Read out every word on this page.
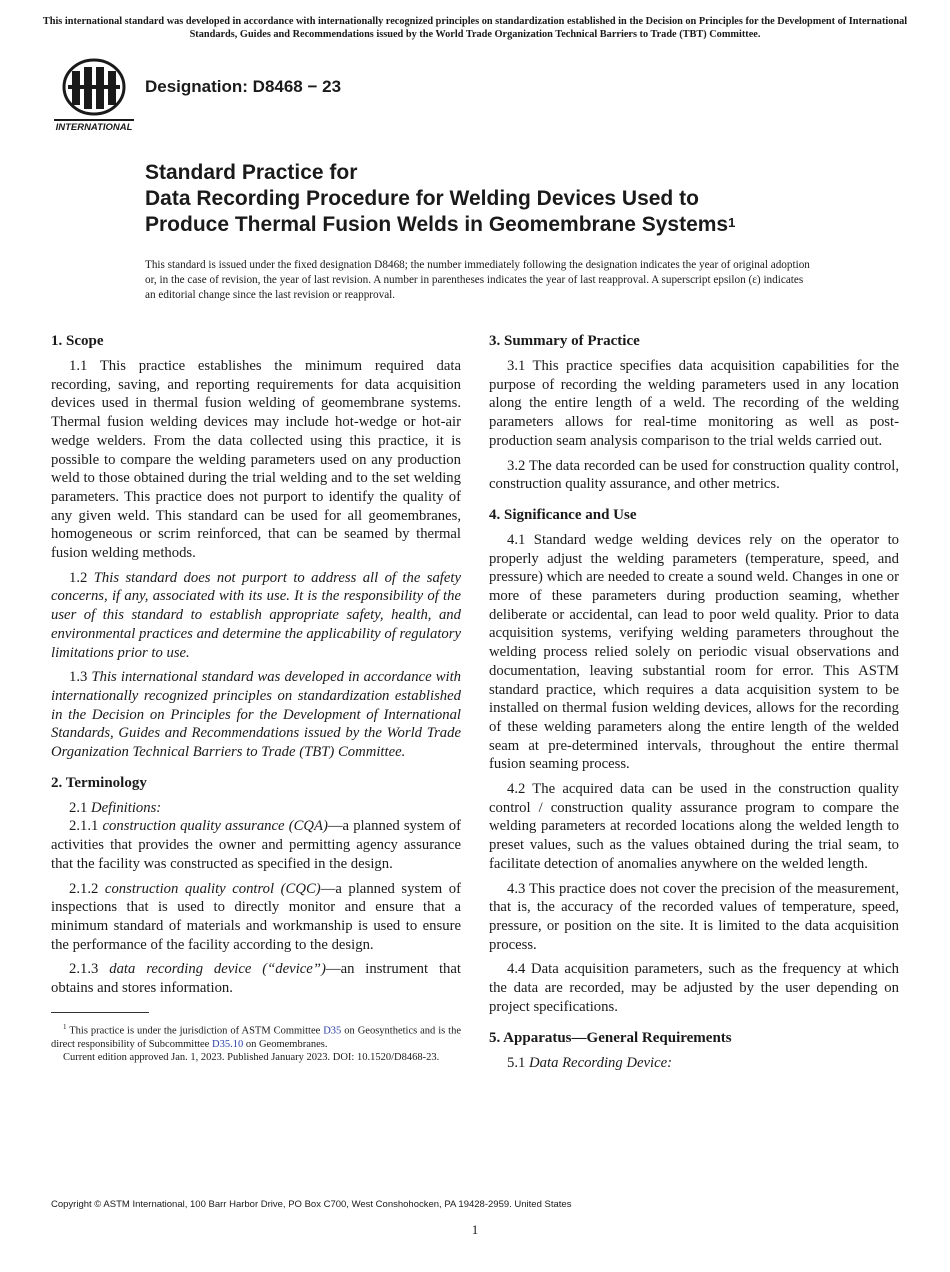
This international standard was developed in accordance with internationally recognized principles on standardization established in the Decision on Principles for the Development of International Standards, Guides and Recommendations issued by the World Trade Organization Technical Barriers to Trade (TBT) Committee.
INTERNATIONAL
Designation: D8468 − 23
Standard Practice for
Data Recording Procedure for Welding Devices Used to
Produce Thermal Fusion Welds in Geomembrane Systems$^1$
This standard is issued under the fixed designation D8468; the number immediately following the designation indicates the year of original adoption or, in the case of revision, the year of last revision. A number in parentheses indicates the year of last reapproval. A superscript epsilon (ε) indicates an editorial change since the last revision or reapproval.
1. Scope

1.1 This practice establishes the minimum required data recording, saving, and reporting requirements for data acquisition devices used in thermal fusion welding of geomembrane systems. Thermal fusion welding devices may include hot-wedge or hot-air wedge welders. From the data collected using this practice, it is possible to compare the welding parameters used on any production weld to those obtained during the trial welding and to the set welding parameters. This practice does not purport to identify the quality of any given weld. This standard can be used for all geomembranes, homogeneous or scrim reinforced, that can be seamed by thermal fusion welding methods.

1.2 This standard does not purport to address all of the safety concerns, if any, associated with its use. It is the responsibility of the user of this standard to establish appropriate safety, health, and environmental practices and determine the applicability of regulatory limitations prior to use.

1.3 This international standard was developed in accordance with internationally recognized principles on standardization established in the Decision on Principles for the Development of International Standards, Guides and Recommendations issued by the World Trade Organization Technical Barriers to Trade (TBT) Committee.

2. Terminology

2.1 Definitions:

2.1.1 construction quality assurance (CQA)—a planned system of activities that provides the owner and permitting agency assurance that the facility was constructed as specified in the design.

2.1.2 construction quality control (CQC)—a planned system of inspections that is used to directly monitor and ensure that a minimum standard of materials and workmanship is used to ensure the performance of the facility according to the design.

2.1.3 data recording device (“device”)—an instrument that obtains and stores information.

$^1$ This practice is under the jurisdiction of ASTM Committee D35 on Geosynthetics and is the direct responsibility of Subcommittee D35.10 on Geomembranes.

Current edition approved Jan. 1, 2023. Published January 2023. DOI: 10.1520/D8468-23.

3. Summary of Practice

3.1 This practice specifies data acquisition capabilities for the purpose of recording the welding parameters used in any location along the entire length of a weld. The recording of the welding parameters allows for real-time monitoring as well as post-production seam analysis comparison to the trial welds carried out.

3.2 The data recorded can be used for construction quality control, construction quality assurance, and other metrics.

4. Significance and Use

4.1 Standard wedge welding devices rely on the operator to properly adjust the welding parameters (temperature, speed, and pressure) which are needed to create a sound weld. Changes in one or more of these parameters during production seaming, whether deliberate or accidental, can lead to poor weld quality. Prior to data acquisition systems, verifying welding parameters throughout the welding process relied solely on periodic visual observations and documentation, leaving substantial room for error. This ASTM standard practice, which requires a data acquisition system to be installed on thermal fusion welding devices, allows for the recording of these welding parameters along the entire length of the welded seam at pre-determined intervals, throughout the entire thermal fusion seaming process.

4.2 The acquired data can be used in the construction quality control / construction quality assurance program to compare the welding parameters at recorded locations along the welded length to preset values, such as the values obtained during the trial seam, to facilitate detection of anomalies anywhere on the welded length.

4.3 This practice does not cover the precision of the measurement, that is, the accuracy of the recorded values of temperature, speed, pressure, or position on the site. It is limited to the data acquisition process.

4.4 Data acquisition parameters, such as the frequency at which the data are recorded, may be adjusted by the user depending on project specifications.

5. Apparatus—General Requirements

5.1 Data Recording Device:

Copyright © ASTM International, 100 Barr Harbor Drive, PO Box C700, West Conshohocken, PA 19428-2959. United States
1
